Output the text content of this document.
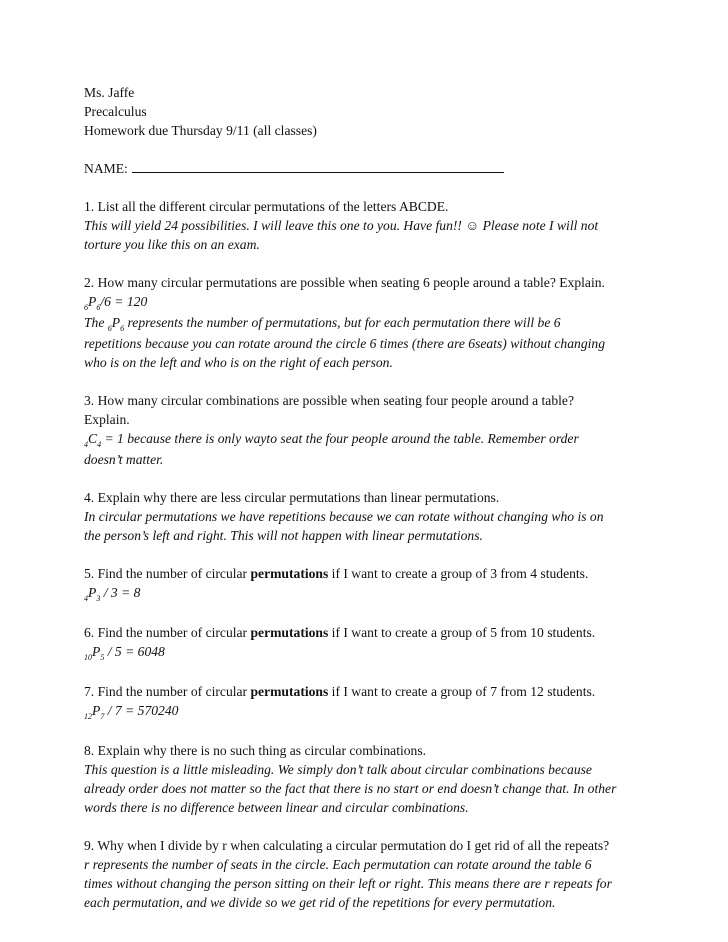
Ms. Jaffe
Precalculus
Homework due Thursday 9/11 (all classes)
NAME:
1. List all the different circular permutations of the letters ABCDE.
This will yield 24 possibilities. I will leave this one to you. Have fun!! ☺ Please note I will not
torture you like this on an exam.
2. How many circular permutations are possible when seating 6 people around a table? Explain.
$_6P_6/6 = 120$
The $_6P_6$ represents the number of permutations, but for each permutation there will be 6
repetitions because you can rotate around the circle 6 times (there are 6seats) without changing
who is on the left and who is on the right of each person.
3. How many circular combinations are possible when seating four people around a table?
Explain.
$_4C_4 = 1$ because there is only wayto seat the four people around the table. Remember order
doesn’t matter.
4. Explain why there are less circular permutations than linear permutations.
In circular permutations we have repetitions because we can rotate without changing who is on
the person’s left and right. This will not happen with linear permutations.
5. Find the number of circular permutations if I want to create a group of 3 from 4 students.
$_4P_3 / 3 = 8$
6. Find the number of circular permutations if I want to create a group of 5 from 10 students.
$_{10}P_5 / 5 = 6048$
7. Find the number of circular permutations if I want to create a group of 7 from 12 students.
$_{12}P_7 / 7 = 570240$
8. Explain why there is no such thing as circular combinations.
This question is a little misleading. We simply don’t talk about circular combinations because
already order does not matter so the fact that there is no start or end doesn’t change that. In other
words there is no difference between linear and circular combinations.
9. Why when I divide by r when calculating a circular permutation do I get rid of all the repeats?
r represents the number of seats in the circle. Each permutation can rotate around the table 6
times without changing the person sitting on their left or right. This means there are r repeats for
each permutation, and we divide so we get rid of the repetitions for every permutation.
